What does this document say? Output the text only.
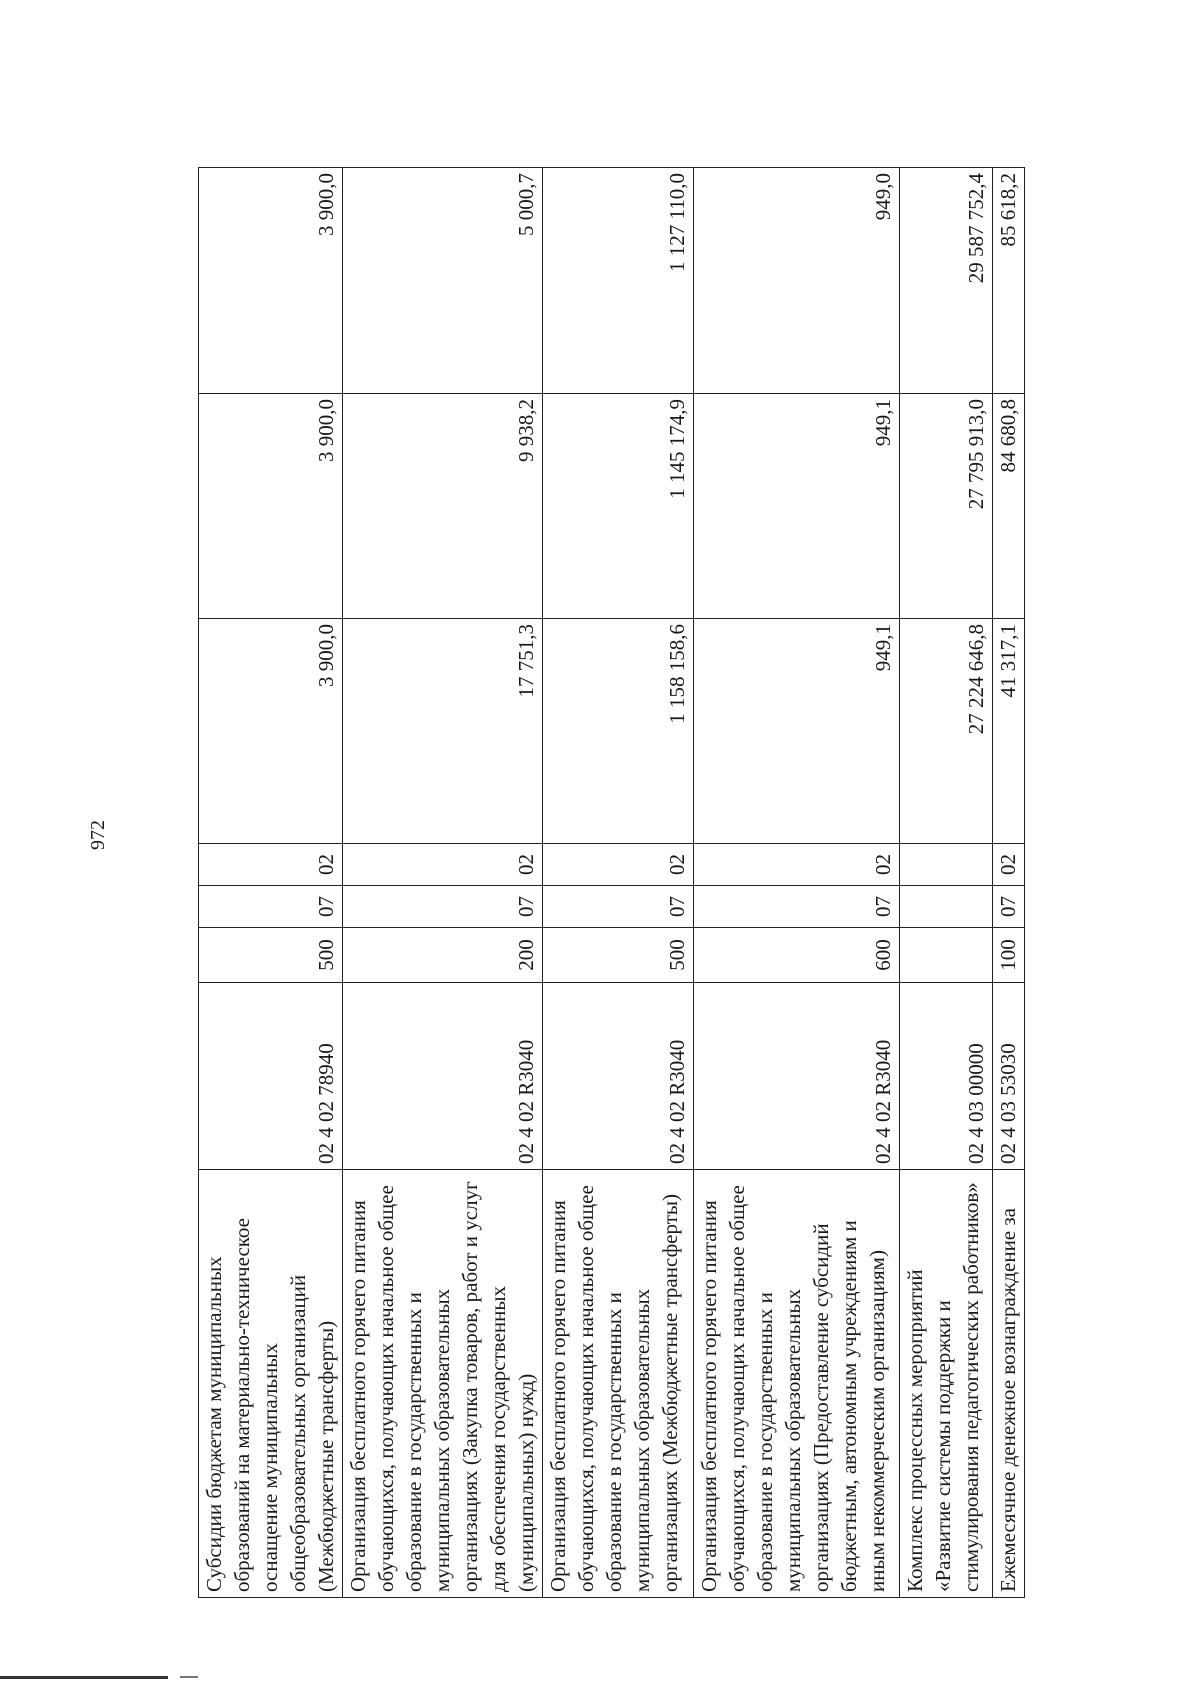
972
Субсидии бюджетам муниципальных образований на материально-техническое оснащение муниципальных общеобразовательных организаций (Межбюджетные трансферты)	02 4 02 78940	500	07	02	3 900,0	3 900,0	3 900,0
Организация бесплатного горячего питания обучающихся, получающих начальное общее образование в государственных и муниципальных образовательных организациях (Закупка товаров, работ и услуг для обеспечения государственных (муниципальных) нужд)	02 4 02 R3040	200	07	02	17 751,3	9 938,2	5 000,7
Организация бесплатного горячего питания обучающихся, получающих начальное общее образование в государственных и муниципальных образовательных организациях (Межбюджетные трансферты)	02 4 02 R3040	500	07	02	1 158 158,6	1 145 174,9	1 127 110,0
Организация бесплатного горячего питания обучающихся, получающих начальное общее образование в государственных и муниципальных образовательных организациях (Предоставление субсидий бюджетным, автономным учреждениям и иным некоммерческим организациям)	02 4 02 R3040	600	07	02	949,1	949,1	949,0
Комплекс процессных мероприятий «Развитие системы поддержки и стимулирования педагогических работников»	02 4 03 00000				27 224 646,8	27 795 913,0	29 587 752,4
Ежемесячное денежное вознаграждение за	02 4 03 53030	100	07	02	41 317,1	84 680,8	85 618,2
